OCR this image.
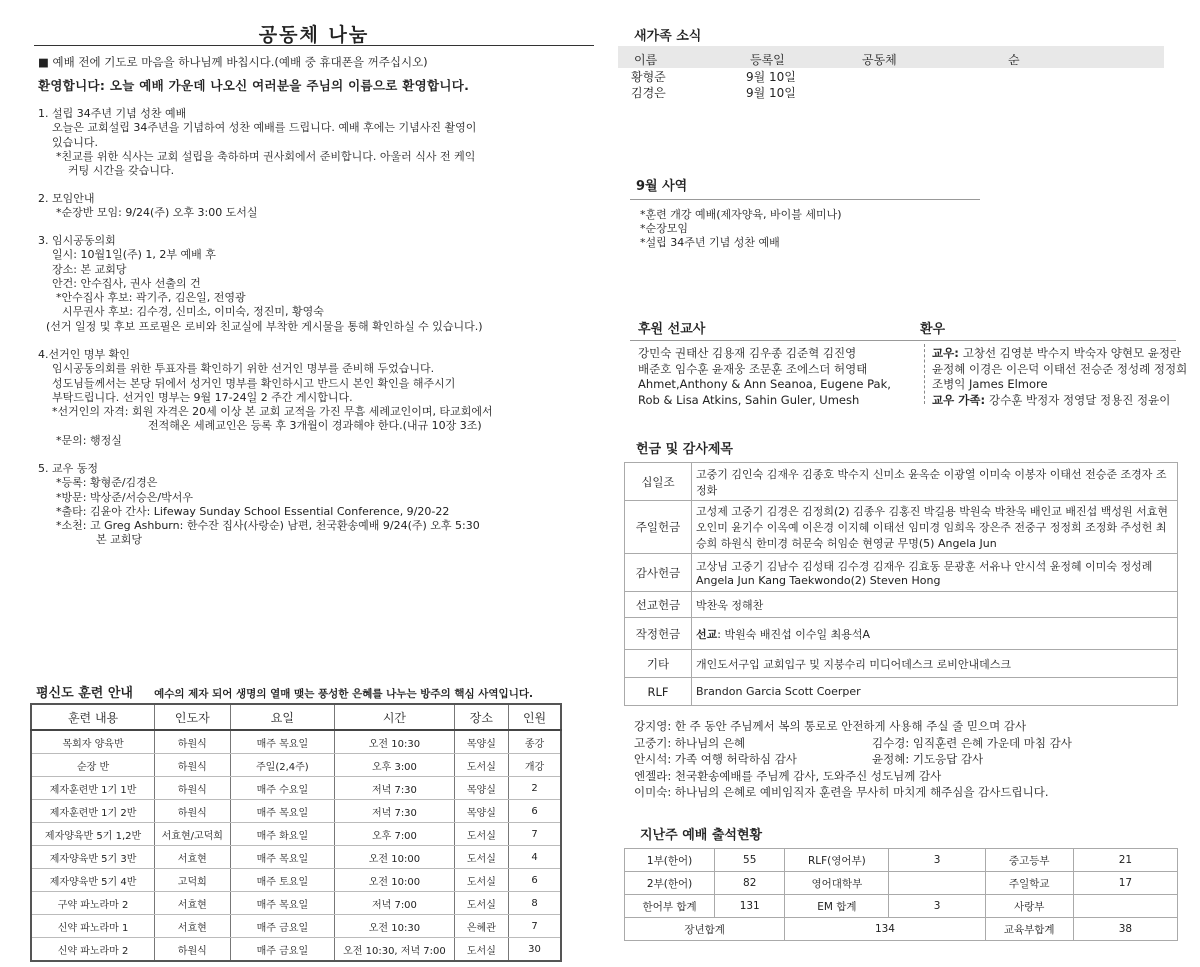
공동체 나눔
■ 예배 전에 기도로 마음을 하나님께 바칩시다.(예배 중 휴대폰을 꺼주십시오)
환영합니다: 오늘 예배 가운데 나오신 여러분을 주님의 이름으로 환영합니다.
1. 설립 34주년 기념 성찬 예배
오늘은 교회설립 34주년을 기념하여 성찬 예배를 드립니다. 예배 후에는 기념사진 촬영이
있습니다.
*친교를 위한 식사는 교회 설립을 축하하며 권사회에서 준비합니다. 아울러 식사 전 케익
커팅 시간을 갖습니다.
2. 모임안내
*순장반 모임: 9/24(주) 오후 3:00 도서실
3. 임시공동의회
일시: 10월1일(주) 1, 2부 예배 후
장소: 본 교회당
안건: 안수집사, 권사 선출의 건
*안수집사 후보: 곽기주, 김은일, 전영광
시무권사 후보: 김수경, 신미소, 이미숙, 정진미, 황영숙
(선거 일정 및 후보 프로필은 로비와 친교실에 부착한 게시물을 통해 확인하실 수 있습니다.)
4.선거인 명부 확인
임시공동의회를 위한 투표자를 확인하기 위한 선거인 명부를 준비해 두었습니다.
성도님들께서는 본당 뒤에서 성거인 명부를 확인하시고 반드시 본인 확인을 해주시기
부탁드립니다. 선거인 명부는 9월 17-24일 2 주간 게시합니다.
*선거인의 자격: 회원 자격은 20세 이상 본 교회 교적을 가진 무흠 세례교인이며, 타교회에서
전적해온 세례교인은 등록 후 3개월이 경과해야 한다.(내규 10장 3조)
*문의: 행정실
5. 교우 동정
*등록: 황형준/김경은
*방문: 박상준/서승은/박서우
*출타: 김윤아 간사: Lifeway Sunday School Essential Conference, 9/20-22
*소천: 고 Greg Ashburn: 한수잔 집사(사랑순) 남편, 천국환송예배 9/24(주) 오후 5:30
본 교회당
평신도 훈련 안내 예수의 제자 되어 생명의 열매 맺는 풍성한 은혜를 나누는 방주의 핵심 사역입니다.
훈련 내용	인도자	요일	시간	장소	인원
목회자 양육반	하원식	매주 목요일	오전 10:30	목양실	종강
순장 반	하원식	주일(2,4주)	오후 3:00	도서실	개강
제자훈련반 1기 1반	하원식	매주 수요일	저녁 7:30	목양실	2
제자훈련반 1기 2반	하원식	매주 목요일	저녁 7:30	목양실	6
제자양육반 5기 1,2반	서효현/고덕희	매주 화요일	오후 7:00	도서실	7
제자양육반 5기 3반	서효현	매주 목요일	오전 10:00	도서실	4
제자양육반 5기 4반	고덕희	매주 토요일	오전 10:00	도서실	6
구약 파노라마 2	서효현	매주 목요일	저녁 7:00	도서실	8
신약 파노라마 1	서효현	매주 금요일	오전 10:30	은혜관	7
신약 파노라마 2	하원식	매주 금요일	오전 10:30, 저녁 7:00	도서실	30
새가족 소식
이름	등록일	공동체	순
황형준	9월 10일
김경은	9월 10일
9월 사역
*훈련 개강 예배(제자양육, 바이블 세미나)
*순장모임
*설립 34주년 기념 성찬 예배
후원 선교사	환우
강민숙 권태산 김용재 김우종 김준혁 김진영
배준호 임수훈 윤재웅 조문훈 조에스더 허영태
Ahmet,Anthony & Ann Seanoa, Eugene Pak,
Rob & Lisa Atkins, Sahin Guler, Umesh
교우: 고창선 김영분 박수지 박숙자 양현모 윤정란
윤정혜 이경은 이은덕 이태선 전승준 정성례 정정희
조병익 James Elmore
교우 가족: 강수훈 박정자 정영달 정용진 정윤이
헌금 및 감사제목
십일조	고중기 김인숙 김재우 김종호 박수지 신미소 윤옥순 이광열 이미숙 이봉자 이태선 전승준 조경자 조정화
주일헌금	고성제 고중기 김경은 김정희(2) 김종우 김홍진 박길용 박원숙 박찬욱 배인교 배진섭 백성원 서효현 오인미 윤기수 이옥예 이은경 이지혜 이태선 임미경 임희옥 장은주 전중구 정정희 조정화 주성헌 최승희 하원식 한미경 허문숙 허임순 현영균 무명(5) Angela Jun
감사헌금	고상님 고중기 김남수 김성태 김수경 김재우 김효동 문광훈 서유나 안시석 윤정혜 이미숙 정성례 Angela Jun Kang Taekwondo(2) Steven Hong
선교헌금	박찬욱 정해찬
작정헌금	선교: 박원숙 배진섭 이수일 최용석A
기타	개인도서구입 교회입구 및 지붕수리 미디어데스크 로비안내데스크
RLF	Brandon Garcia Scott Coerper
강지영: 한 주 동안 주님께서 복의 통로로 안전하게 사용해 주실 줄 믿으며 감사
고중기: 하나님의 은혜	김수경: 임직훈련 은혜 가운데 마침 감사
안시석: 가족 여행 허락하심 감사	윤정혜: 기도응답 감사
엔젤라: 천국환송예배를 주님께 감사, 도와주신 성도님께 감사
이미숙: 하나님의 은혜로 예비임직자 훈련을 무사히 마치게 해주심을 감사드립니다.
지난주 예배 출석현황
1부(한어)	55	RLF(영어부)	3	중고등부	21
2부(한어)	82	영어대학부		주일학교	17
한어부 합계	131	EM 합계	3	사랑부	
장년합계		134		교육부합계	38
